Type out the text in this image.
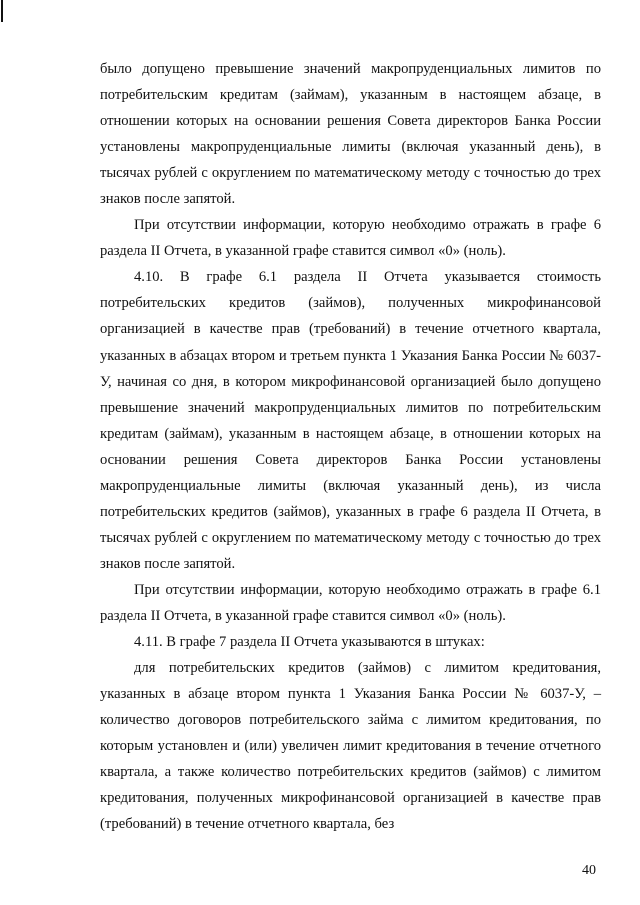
было допущено превышение значений макропруденциальных лимитов по потребительским кредитам (займам), указанным в настоящем абзаце, в отношении которых на основании решения Совета директоров Банка России установлены макропруденциальные лимиты (включая указанный день), в тысячах рублей с округлением по математическому методу с точностью до трех знаков после запятой.

При отсутствии информации, которую необходимо отражать в графе 6 раздела II Отчета, в указанной графе ставится символ «0» (ноль).

4.10. В графе 6.1 раздела II Отчета указывается стоимость потребительских кредитов (займов), полученных микрофинансовой организацией в качестве прав (требований) в течение отчетного квартала, указанных в абзацах втором и третьем пункта 1 Указания Банка России № 6037-У, начиная со дня, в котором микрофинансовой организацией было допущено превышение значений макропруденциальных лимитов по потребительским кредитам (займам), указанным в настоящем абзаце, в отношении которых на основании решения Совета директоров Банка России установлены макропруденциальные лимиты (включая указанный день), из числа потребительских кредитов (займов), указанных в графе 6 раздела II Отчета, в тысячах рублей с округлением по математическому методу с точностью до трех знаков после запятой.

При отсутствии информации, которую необходимо отражать в графе 6.1 раздела II Отчета, в указанной графе ставится символ «0» (ноль).

4.11. В графе 7 раздела II Отчета указываются в штуках:

для потребительских кредитов (займов) с лимитом кредитования, указанных в абзаце втором пункта 1 Указания Банка России № 6037-У, – количество договоров потребительского займа с лимитом кредитования, по которым установлен и (или) увеличен лимит кредитования в течение отчетного квартала, а также количество потребительских кредитов (займов) с лимитом кредитования, полученных микрофинансовой организацией в качестве прав (требований) в течение отчетного квартала, без

40
